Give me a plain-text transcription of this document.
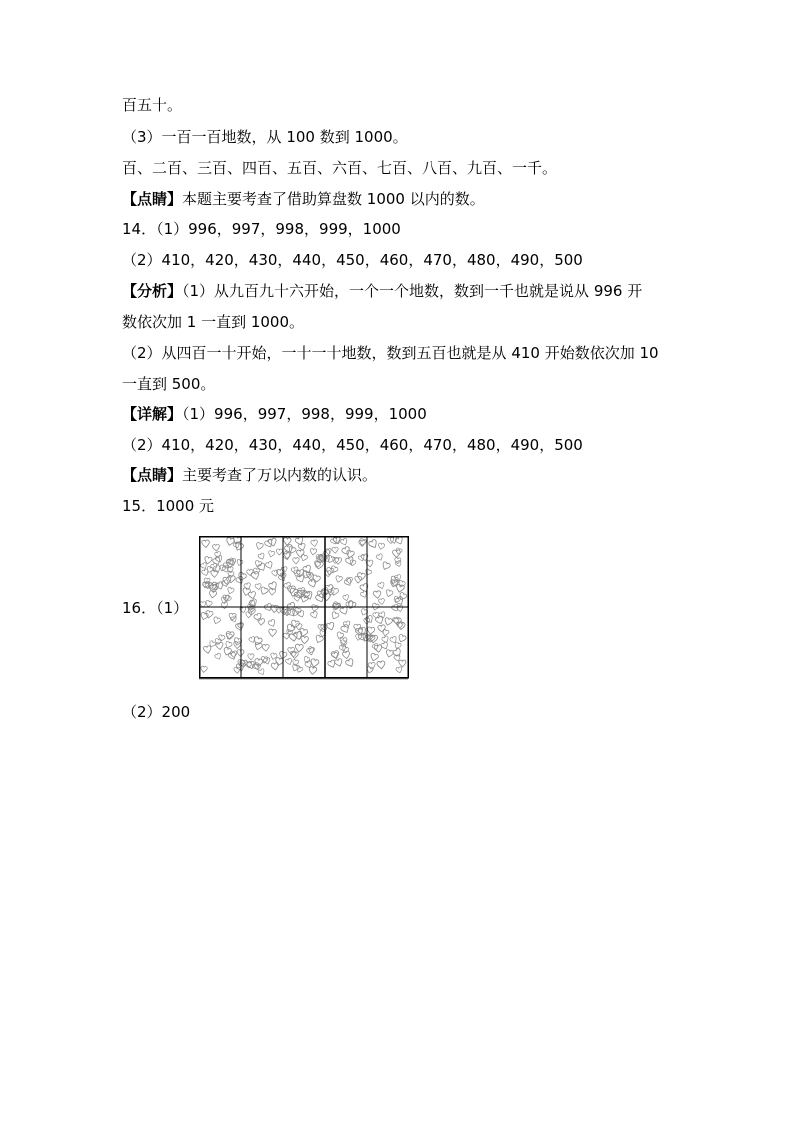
百五十。
（3）一百一百地数，从 100 数到 1000。
百、二百、三百、四百、五百、六百、七百、八百、九百、一千。
【点睛】本题主要考查了借助算盘数 1000 以内的数。
14．（1）996，997，998，999，1000
（2）410，420，430，440，450，460，470，480，490，500
【分析】（1）从九百九十六开始，一个一个地数，数到一千也就是说从 996 开
数依次加 1 一直到 1000。
（2）从四百一十开始，一十一十地数，数到五百也就是从 410 开始数依次加 10
一直到 500。
【详解】（1）996，997，998，999，1000
（2）410，420，430，440，450，460，470，480，490，500
【点睛】主要考查了万以内数的认识。
15．1000 元
16．（1）
（2）200
